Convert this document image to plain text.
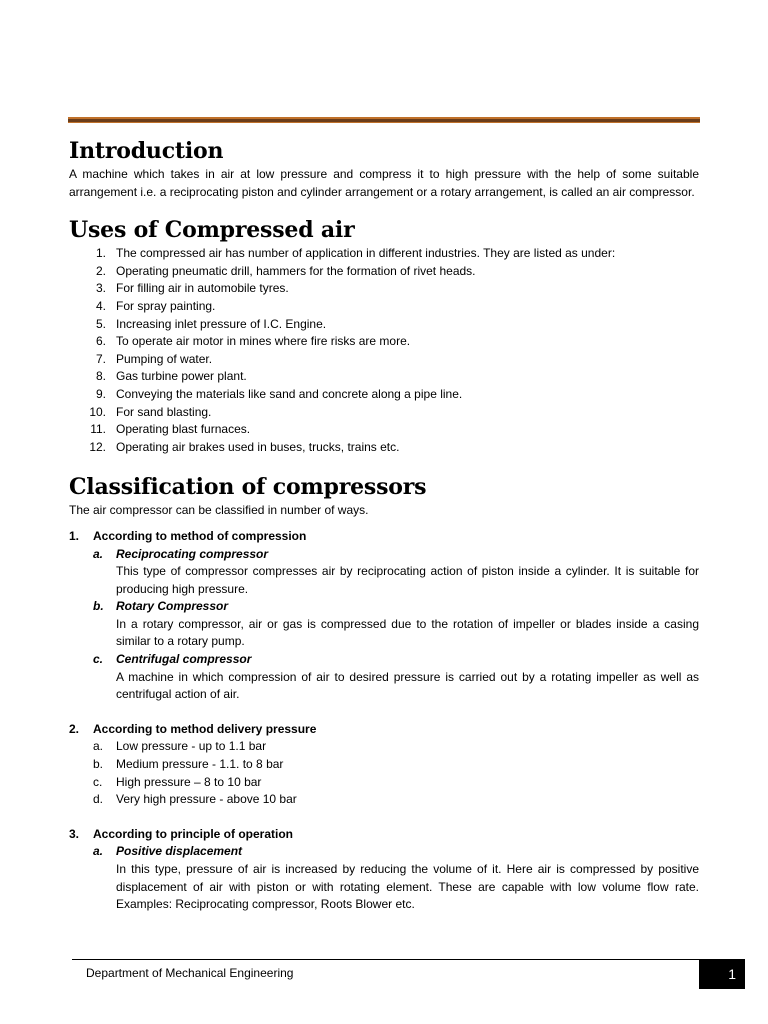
Introduction

A machine which takes in air at low pressure and compress it to high pressure with the help of some suitable arrangement i.e. a reciprocating piston and cylinder arrangement or a rotary arrangement, is called an air compressor.

Uses of Compressed air
1. The compressed air has number of application in different industries. They are listed as under:
2. Operating pneumatic drill, hammers for the formation of rivet heads.
3. For filling air in automobile tyres.
4. For spray painting.
5. Increasing inlet pressure of I.C. Engine.
6. To operate air motor in mines where fire risks are more.
7. Pumping of water.
8. Gas turbine power plant.
9. Conveying the materials like sand and concrete along a pipe line.
10. For sand blasting.
11. Operating blast furnaces.
12. Operating air brakes used in buses, trucks, trains etc.
Classification of compressors

The air compressor can be classified in number of ways.

1. According to method of compression
a. Reciprocating compressor
This type of compressor compresses air by reciprocating action of piston inside a cylinder. It is suitable for producing high pressure.
b. Rotary Compressor
In a rotary compressor, air or gas is compressed due to the rotation of impeller or blades inside a casing similar to a rotary pump.
c. Centrifugal compressor
A machine in which compression of air to desired pressure is carried out by a rotating impeller as well as centrifugal action of air.
2. According to method delivery pressure
a. Low pressure - up to 1.1 bar
b. Medium pressure - 1.1. to 8 bar
c. High pressure – 8 to 10 bar
d. Very high pressure - above 10 bar
3. According to principle of operation
a. Positive displacement
In this type, pressure of air is increased by reducing the volume of it. Here air is compressed by positive displacement of air with piston or with rotating element. These are capable with low volume flow rate. Examples: Reciprocating compressor, Roots Blower etc.
Department of Mechanical Engineering	1
